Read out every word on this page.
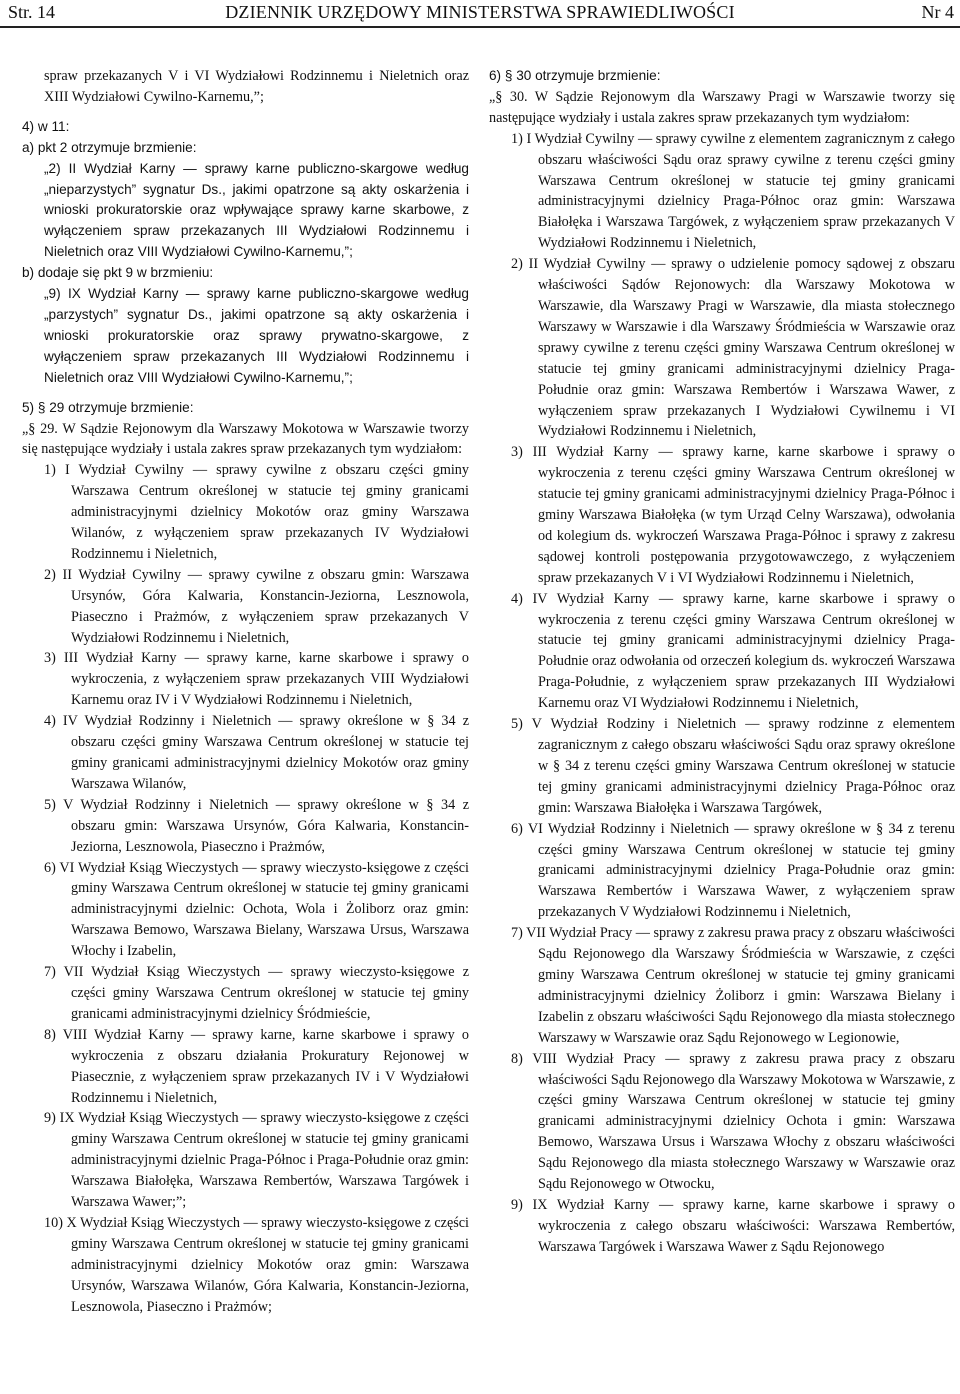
Str. 14	DZIENNIK URZĘDOWY MINISTERSTWA SPRAWIEDLIWOŚCI	Nr 4

spraw przekazanych V i VI Wydziałowi Rodzinnemu i Nieletnich oraz XIII Wydziałowi Cywilno-Karnemu,”;

4) w 11:

a) pkt 2 otrzymuje brzmienie:

„2) II Wydział Karny — sprawy karne publiczno-skargowe według „nieparzystych” sygnatur Ds., jakimi opatrzone są akty oskarżenia i wnioski prokuratorskie oraz wpływające sprawy karne skarbowe, z wyłączeniem spraw przekazanych III Wydziałowi Rodzinnemu i Nieletnich oraz VIII Wydziałowi Cywilno-Karnemu,”;

b) dodaje się pkt 9 w brzmieniu:

„9) IX Wydział Karny — sprawy karne publiczno-skargowe według „parzystych” sygnatur Ds., jakimi opatrzone są akty oskarżenia i wnioski prokuratorskie oraz sprawy prywatno-skargowe, z wyłączeniem spraw przekazanych III Wydziałowi Rodzinnemu i Nieletnich oraz VIII Wydziałowi Cywilno-Karnemu,”;

5) § 29 otrzymuje brzmienie:

„§ 29. W Sądzie Rejonowym dla Warszawy Mokotowa w Warszawie tworzy się następujące wydziały i ustala zakres spraw przekazanych tym wydziałom:

1) I Wydział Cywilny — sprawy cywilne z obszaru części gminy Warszawa Centrum określonej w statucie tej gminy granicami administracyjnymi dzielnicy Mokotów oraz gminy Warszawa Wilanów, z wyłączeniem spraw przekazanych IV Wydziałowi Rodzinnemu i Nieletnich,
2) II Wydział Cywilny — sprawy cywilne z obszaru gmin: Warszawa Ursynów, Góra Kalwaria, Konstancin-Jeziorna, Lesznowola, Piaseczno i Prażmów, z wyłączeniem spraw przekazanych V Wydziałowi Rodzinnemu i Nieletnich,
3) III Wydział Karny — sprawy karne, karne skarbowe i sprawy o wykroczenia, z wyłączeniem spraw przekazanych VIII Wydziałowi Karnemu oraz IV i V Wydziałowi Rodzinnemu i Nieletnich,
4) IV Wydział Rodzinny i Nieletnich — sprawy określone w § 34 z obszaru części gminy Warszawa Centrum określonej w statucie tej gminy granicami administracyjnymi dzielnicy Mokotów oraz gminy Warszawa Wilanów,
5) V Wydział Rodzinny i Nieletnich — sprawy określone w § 34 z obszaru gmin: Warszawa Ursynów, Góra Kalwaria, Konstancin-Jeziorna, Lesznowola, Piaseczno i Prażmów,
6) VI Wydział Ksiąg Wieczystych — sprawy wieczysto-księgowe z części gminy Warszawa Centrum określonej w statucie tej gminy granicami administracyjnymi dzielnic: Ochota, Wola i Żoliborz oraz gmin: Warszawa Bemowo, Warszawa Bielany, Warszawa Ursus, Warszawa Włochy i Izabelin,
7) VII Wydział Ksiąg Wieczystych — sprawy wieczysto-księgowe z części gminy Warszawa Centrum określonej w statucie tej gminy granicami administracyjnymi dzielnicy Śródmieście,
8) VIII Wydział Karny — sprawy karne, karne skarbowe i sprawy o wykroczenia z obszaru działania Prokuratury Rejonowej w Piasecznie, z wyłączeniem spraw przekazanych IV i V Wydziałowi Rodzinnemu i Nieletnich,
9) IX Wydział Ksiąg Wieczystych — sprawy wieczysto-księgowe z części gminy Warszawa Centrum określonej w statucie tej gminy granicami administracyjnymi dzielnic Praga-Północ i Praga-Południe oraz gmin: Warszawa Białołęka, Warszawa Rembertów, Warszawa Targówek i Warszawa Wawer;”;
10) X Wydział Ksiąg Wieczystych — sprawy wieczysto-księgowe z części gminy Warszawa Centrum określonej w statucie tej gminy granicami administracyjnymi dzielnicy Mokotów oraz gmin: Warszawa Ursynów, Warszawa Wilanów, Góra Kalwaria, Konstancin-Jeziorna, Lesznowola, Piaseczno i Prażmów;

6) § 30 otrzymuje brzmienie:

„§ 30. W Sądzie Rejonowym dla Warszawy Pragi w Warszawie tworzy się następujące wydziały i ustala zakres spraw przekazanych tym wydziałom:

1) I Wydział Cywilny — sprawy cywilne z elementem zagranicznym z całego obszaru właściwości Sądu oraz sprawy cywilne z terenu części gminy Warszawa Centrum określonej w statucie tej gminy granicami administracyjnymi dzielnicy Praga-Północ oraz gmin: Warszawa Białołęka i Warszawa Targówek, z wyłączeniem spraw przekazanych V Wydziałowi Rodzinnemu i Nieletnich,
2) II Wydział Cywilny — sprawy o udzielenie pomocy sądowej z obszaru właściwości Sądów Rejonowych: dla Warszawy Mokotowa w Warszawie, dla Warszawy Pragi w Warszawie, dla miasta stołecznego Warszawy w Warszawie i dla Warszawy Śródmieścia w Warszawie oraz sprawy cywilne z terenu części gminy Warszawa Centrum określonej w statucie tej gminy granicami administracyjnymi dzielnicy Praga-Południe oraz gmin: Warszawa Rembertów i Warszawa Wawer, z wyłączeniem spraw przekazanych I Wydziałowi Cywilnemu i VI Wydziałowi Rodzinnemu i Nieletnich,
3) III Wydział Karny — sprawy karne, karne skarbowe i sprawy o wykroczenia z terenu części gminy Warszawa Centrum określonej w statucie tej gminy granicami administracyjnymi dzielnicy Praga-Północ i gminy Warszawa Białołęka (w tym Urząd Celny Warszawa), odwołania od kolegium ds. wykroczeń Warszawa Praga-Północ i sprawy z zakresu sądowej kontroli postępowania przygotowawczego, z wyłączeniem spraw przekazanych V i VI Wydziałowi Rodzinnemu i Nieletnich,
4) IV Wydział Karny — sprawy karne, karne skarbowe i sprawy o wykroczenia z terenu części gminy Warszawa Centrum określonej w statucie tej gminy granicami administracyjnymi dzielnicy Praga-Południe oraz odwołania od orzeczeń kolegium ds. wykroczeń Warszawa Praga-Południe, z wyłączeniem spraw przekazanych III Wydziałowi Karnemu oraz VI Wydziałowi Rodzinnemu i Nieletnich,
5) V Wydział Rodziny i Nieletnich — sprawy rodzinne z elementem zagranicznym z całego obszaru właściwości Sądu oraz sprawy określone w § 34 z terenu części gminy Warszawa Centrum określonej w statucie tej gminy granicami administracyjnymi dzielnicy Praga-Północ oraz gmin: Warszawa Białołęka i Warszawa Targówek,
6) VI Wydział Rodzinny i Nieletnich — sprawy określone w § 34 z terenu części gminy Warszawa Centrum określonej w statucie tej gminy granicami administracyjnymi dzielnicy Praga-Południe oraz gmin: Warszawa Rembertów i Warszawa Wawer, z wyłączeniem spraw przekazanych V Wydziałowi Rodzinnemu i Nieletnich,
7) VII Wydział Pracy — sprawy z zakresu prawa pracy z obszaru właściwości Sądu Rejonowego dla Warszawy Śródmieścia w Warszawie, z części gminy Warszawa Centrum określonej w statucie tej gminy granicami administracyjnymi dzielnicy Żoliborz i gmin: Warszawa Bielany i Izabelin z obszaru właściwości Sądu Rejonowego dla miasta stołecznego Warszawy w Warszawie oraz Sądu Rejonowego w Legionowie,
8) VIII Wydział Pracy — sprawy z zakresu prawa pracy z obszaru właściwości Sądu Rejonowego dla Warszawy Mokotowa w Warszawie, z części gminy Warszawa Centrum określonej w statucie tej gminy granicami administracyjnymi dzielnicy Ochota i gmin: Warszawa Bemowo, Warszawa Ursus i Warszawa Włochy z obszaru właściwości Sądu Rejonowego dla miasta stołecznego Warszawy w Warszawie oraz Sądu Rejonowego w Otwocku,
9) IX Wydział Karny — sprawy karne, karne skarbowe i sprawy o wykroczenia z całego obszaru właściwości: Warszawa Rembertów, Warszawa Targówek i Warszawa Wawer z Sądu Rejonowego
